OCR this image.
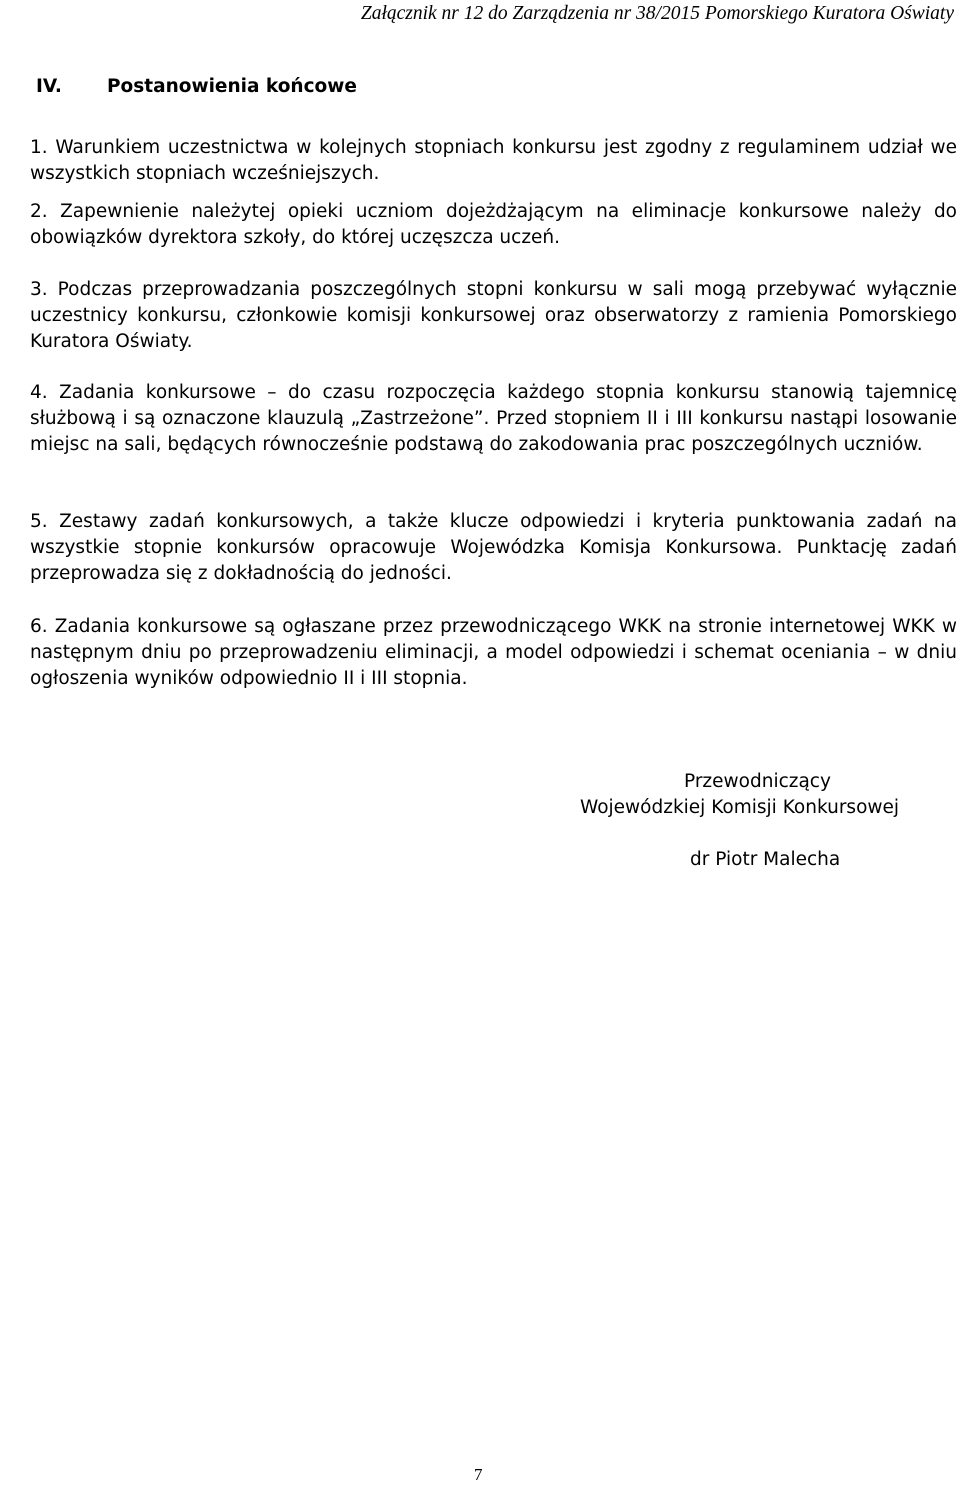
Załącznik nr 12 do Zarządzenia nr 38/2015 Pomorskiego Kuratora Oświaty
IV. Postanowienia końcowe

1. Warunkiem uczestnictwa w kolejnych stopniach konkursu jest zgodny z regulaminem udział we wszystkich stopniach wcześniejszych.

2. Zapewnienie należytej opieki uczniom dojeżdżającym na eliminacje konkursowe należy do obowiązków dyrektora szkoły, do której uczęszcza uczeń.

3. Podczas przeprowadzania poszczególnych stopni konkursu w sali mogą przebywać wyłącznie uczestnicy konkursu, członkowie komisji konkursowej oraz obserwatorzy z ramienia Pomorskiego Kuratora Oświaty.

4. Zadania konkursowe – do czasu rozpoczęcia każdego stopnia konkursu stanowią tajemnicę służbową i są oznaczone klauzulą „Zastrzeżone”. Przed stopniem II i III konkursu nastąpi losowanie miejsc na sali, będących równocześnie podstawą do zakodowania prac poszczególnych uczniów.

5. Zestawy zadań konkursowych, a także klucze odpowiedzi i kryteria punktowania zadań na wszystkie stopnie konkursów opracowuje Wojewódzka Komisja Konkursowa. Punktację zadań przeprowadza się z dokładnością do jedności.

6. Zadania konkursowe są ogłaszane przez przewodniczącego WKK na stronie internetowej WKK w następnym dniu po przeprowadzeniu eliminacji, a model odpowiedzi i schemat oceniania – w dniu ogłoszenia wyników odpowiednio II i III stopnia.

Przewodniczący
Wojewódzkiej Komisji Konkursowej
dr Piotr Malecha
7
